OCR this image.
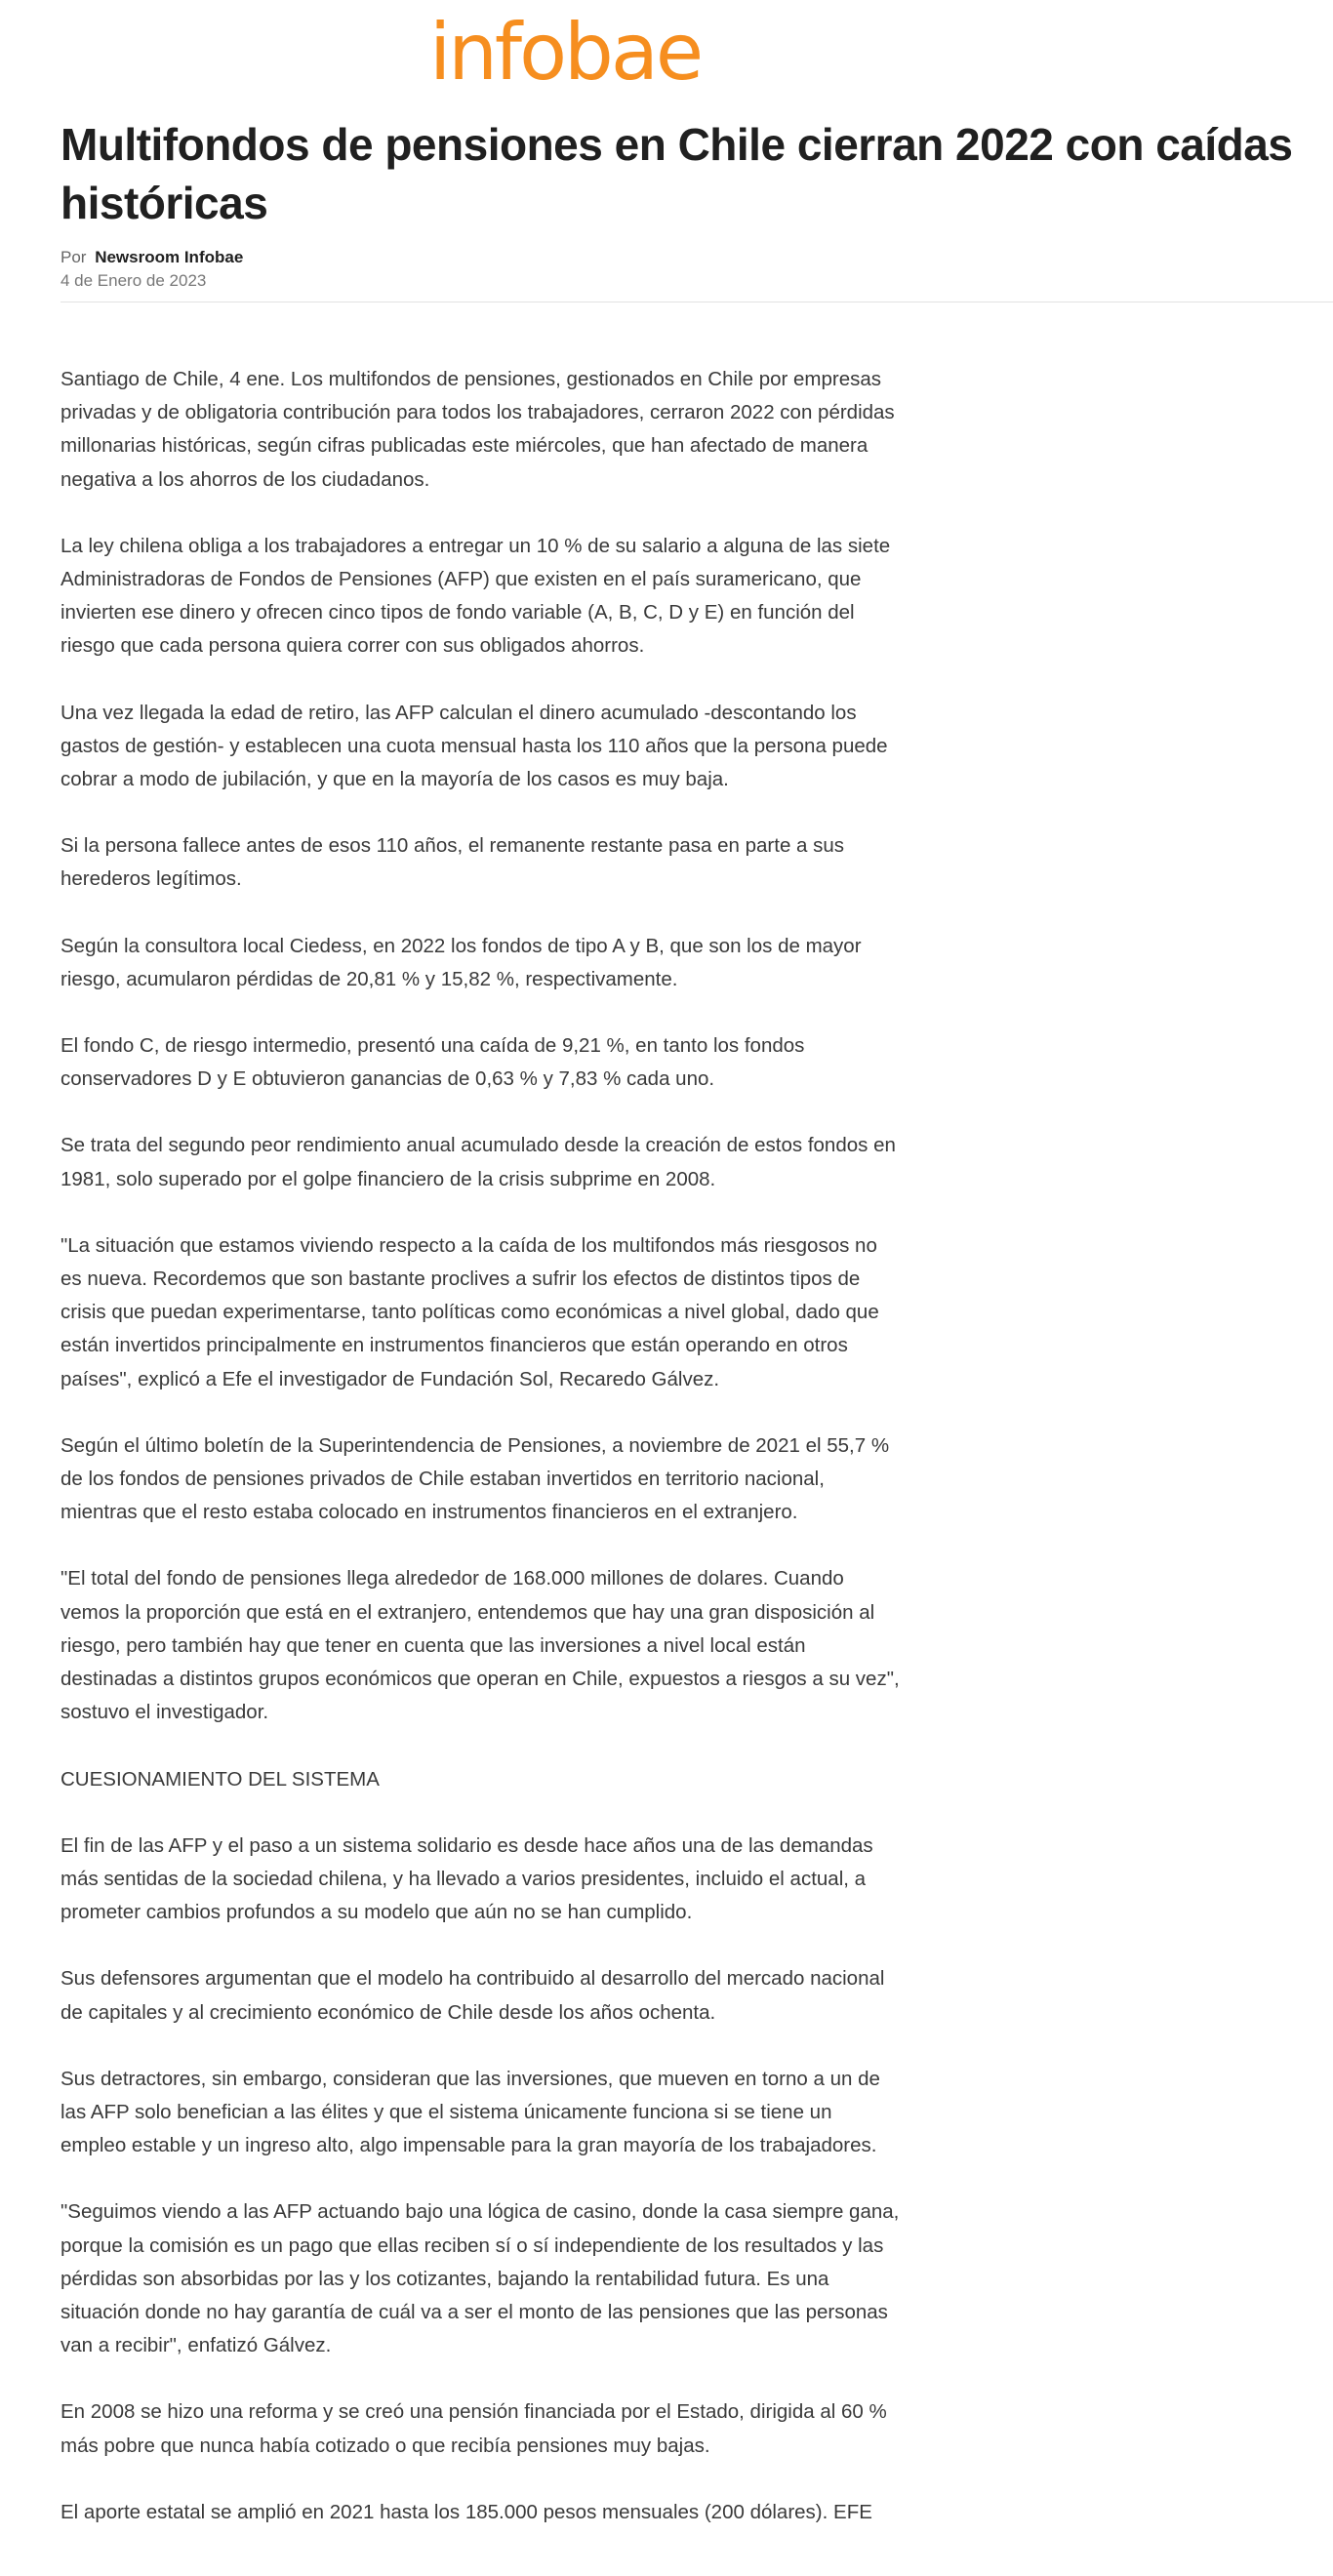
infobae
Multifondos de pensiones en Chile cierran 2022 con caídas históricas
Por Newsroom Infobae
4 de Enero de 2023

Santiago de Chile, 4 ene. Los multifondos de pensiones, gestionados en Chile por empresas privadas y de obligatoria contribución para todos los trabajadores, cerraron 2022 con pérdidas millonarias históricas, según cifras publicadas este miércoles, que han afectado de manera negativa a los ahorros de los ciudadanos.

La ley chilena obliga a los trabajadores a entregar un 10 % de su salario a alguna de las siete Administradoras de Fondos de Pensiones (AFP) que existen en el país suramericano, que invierten ese dinero y ofrecen cinco tipos de fondo variable (A, B, C, D y E) en función del riesgo que cada persona quiera correr con sus obligados ahorros.

Una vez llegada la edad de retiro, las AFP calculan el dinero acumulado -descontando los gastos de gestión- y establecen una cuota mensual hasta los 110 años que la persona puede cobrar a modo de jubilación, y que en la mayoría de los casos es muy baja.

Si la persona fallece antes de esos 110 años, el remanente restante pasa en parte a sus herederos legítimos.

Según la consultora local Ciedess, en 2022 los fondos de tipo A y B, que son los de mayor riesgo, acumularon pérdidas de 20,81 % y 15,82 %, respectivamente.

El fondo C, de riesgo intermedio, presentó una caída de 9,21 %, en tanto los fondos conservadores D y E obtuvieron ganancias de 0,63 % y 7,83 % cada uno.

Se trata del segundo peor rendimiento anual acumulado desde la creación de estos fondos en 1981, solo superado por el golpe financiero de la crisis subprime en 2008.

"La situación que estamos viviendo respecto a la caída de los multifondos más riesgosos no es nueva. Recordemos que son bastante proclives a sufrir los efectos de distintos tipos de crisis que puedan experimentarse, tanto políticas como económicas a nivel global, dado que están invertidos principalmente en instrumentos financieros que están operando en otros países", explicó a Efe el investigador de Fundación Sol, Recaredo Gálvez.

Según el último boletín de la Superintendencia de Pensiones, a noviembre de 2021 el 55,7 % de los fondos de pensiones privados de Chile estaban invertidos en territorio nacional, mientras que el resto estaba colocado en instrumentos financieros en el extranjero.

"El total del fondo de pensiones llega alrededor de 168.000 millones de dolares. Cuando vemos la proporción que está en el extranjero, entendemos que hay una gran disposición al riesgo, pero también hay que tener en cuenta que las inversiones a nivel local están destinadas a distintos grupos económicos que operan en Chile, expuestos a riesgos a su vez", sostuvo el investigador.

CUESIONAMIENTO DEL SISTEMA

El fin de las AFP y el paso a un sistema solidario es desde hace años una de las demandas más sentidas de la sociedad chilena, y ha llevado a varios presidentes, incluido el actual, a prometer cambios profundos a su modelo que aún no se han cumplido.

Sus defensores argumentan que el modelo ha contribuido al desarrollo del mercado nacional de capitales y al crecimiento económico de Chile desde los años ochenta.

Sus detractores, sin embargo, consideran que las inversiones, que mueven en torno a un de las AFP solo benefician a las élites y que el sistema únicamente funciona si se tiene un empleo estable y un ingreso alto, algo impensable para la gran mayoría de los trabajadores.

"Seguimos viendo a las AFP actuando bajo una lógica de casino, donde la casa siempre gana, porque la comisión es un pago que ellas reciben sí o sí independiente de los resultados y las pérdidas son absorbidas por las y los cotizantes, bajando la rentabilidad futura. Es una situación donde no hay garantía de cuál va a ser el monto de las pensiones que las personas van a recibir", enfatizó Gálvez.

En 2008 se hizo una reforma y se creó una pensión financiada por el Estado, dirigida al 60 % más pobre que nunca había cotizado o que recibía pensiones muy bajas.

El aporte estatal se amplió en 2021 hasta los 185.000 pesos mensuales (200 dólares). EFE
